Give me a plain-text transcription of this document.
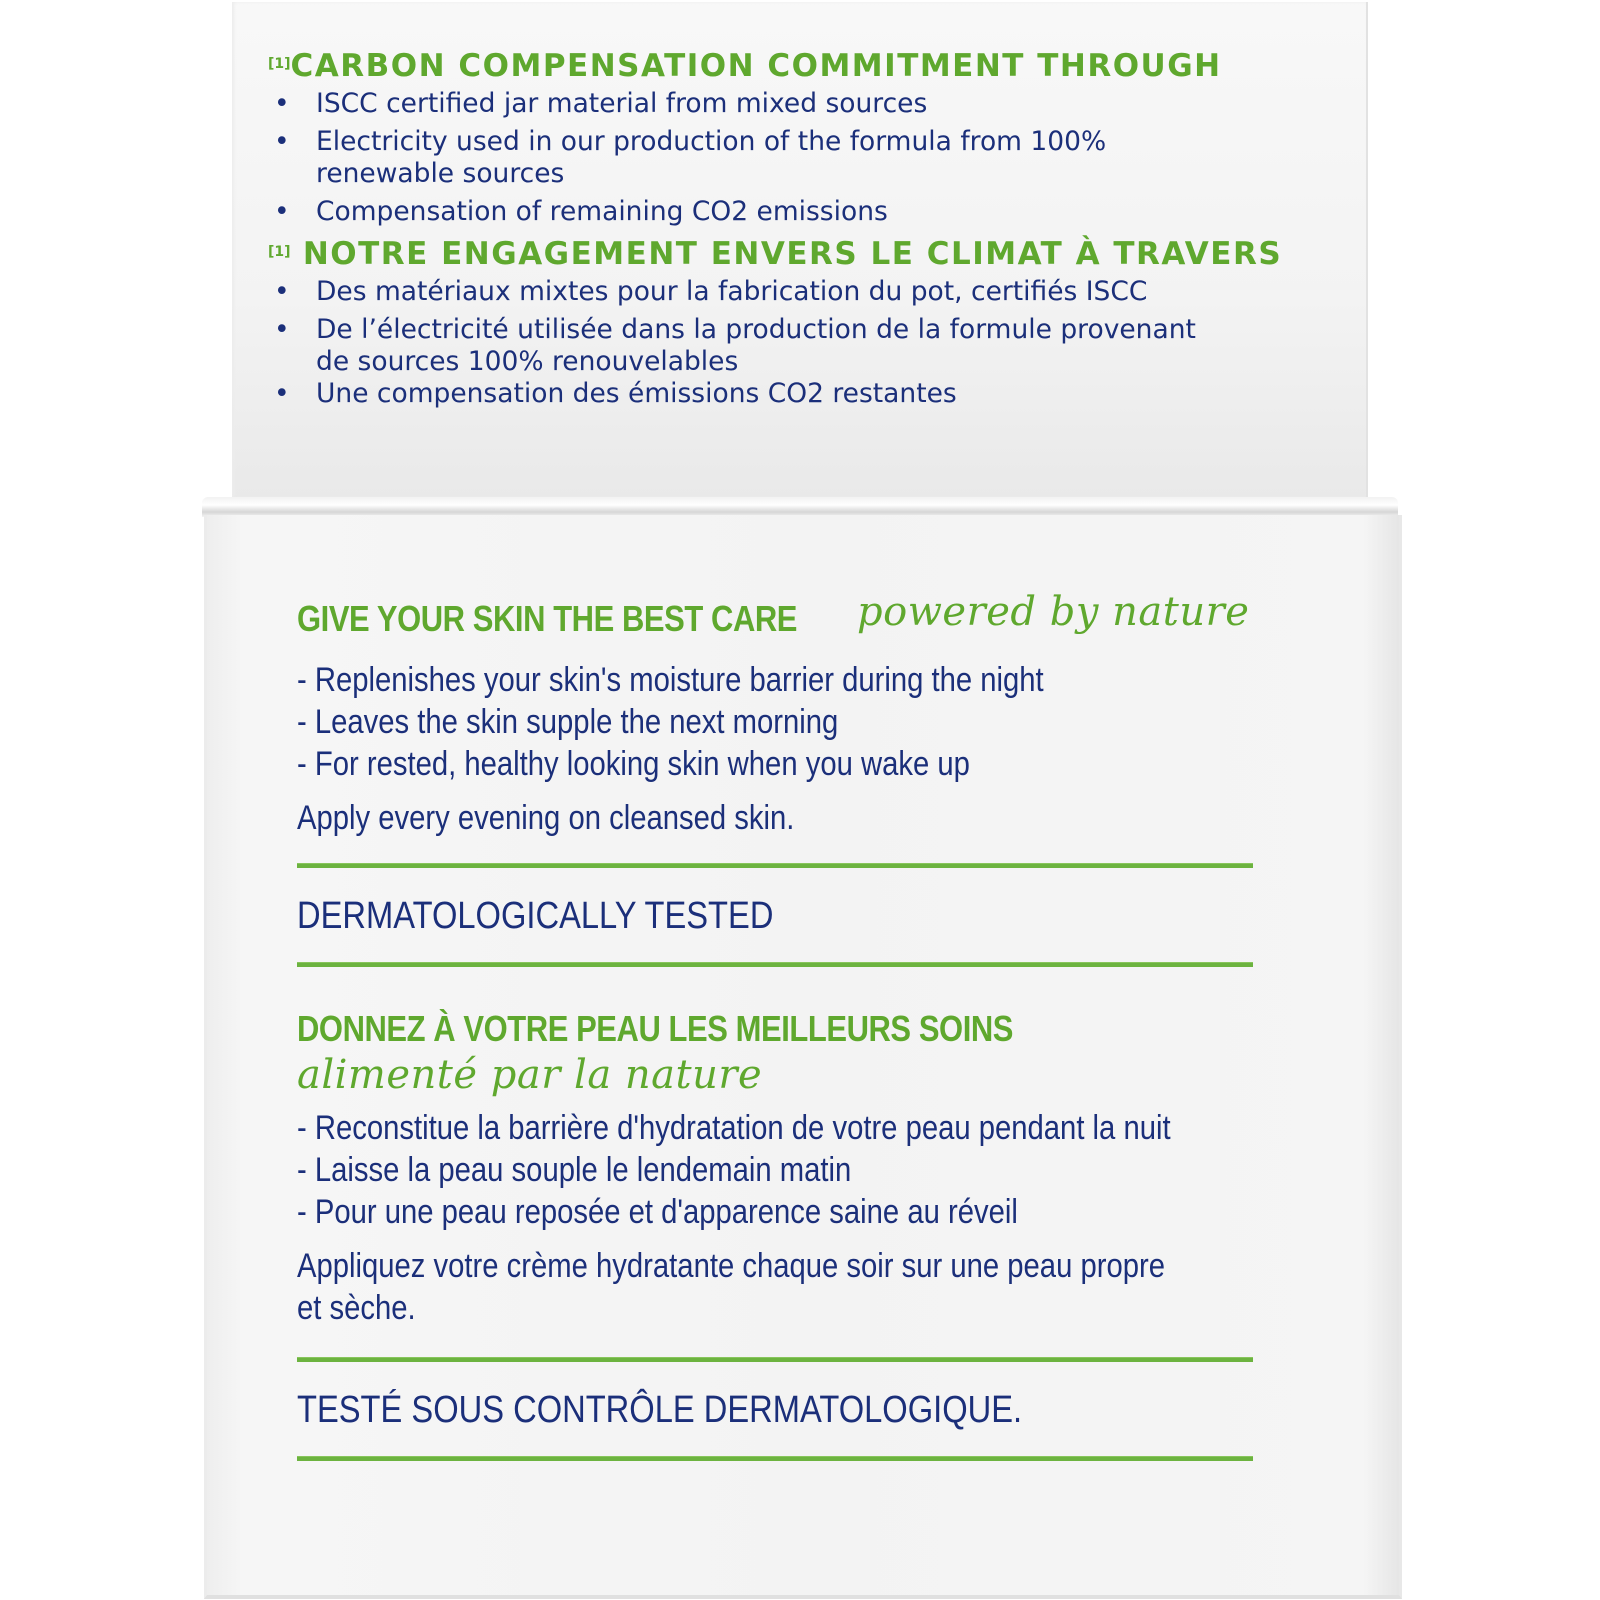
[1]CARBON COMPENSATION COMMITMENT THROUGH

• ISCC certified jar material from mixed sources
• Electricity used in our production of the formula from 100%
renewable sources
• Compensation of remaining CO2 emissions

[1] NOTRE ENGAGEMENT ENVERS LE CLIMAT À TRAVERS

• Des matériaux mixtes pour la fabrication du pot, certifiés ISCC
• De l’électricité utilisée dans la production de la formule provenant
de sources 100% renouvelables
• Une compensation des émissions CO2 restantes
GIVE YOUR SKIN THE BEST CARE powered by nature
- Replenishes your skin's moisture barrier during the night
- Leaves the skin supple the next morning
- For rested, healthy looking skin when you wake up
Apply every evening on cleansed skin.
DERMATOLOGICALLY TESTED
DONNEZ À VOTRE PEAU LES MEILLEURS SOINS
alimenté par la nature
- Reconstitue la barrière d'hydratation de votre peau pendant la nuit
- Laisse la peau souple le lendemain matin
- Pour une peau reposée et d'apparence saine au réveil
Appliquez votre crème hydratante chaque soir sur une peau propre
et sèche.
TESTÉ SOUS CONTRÔLE DERMATOLOGIQUE.
